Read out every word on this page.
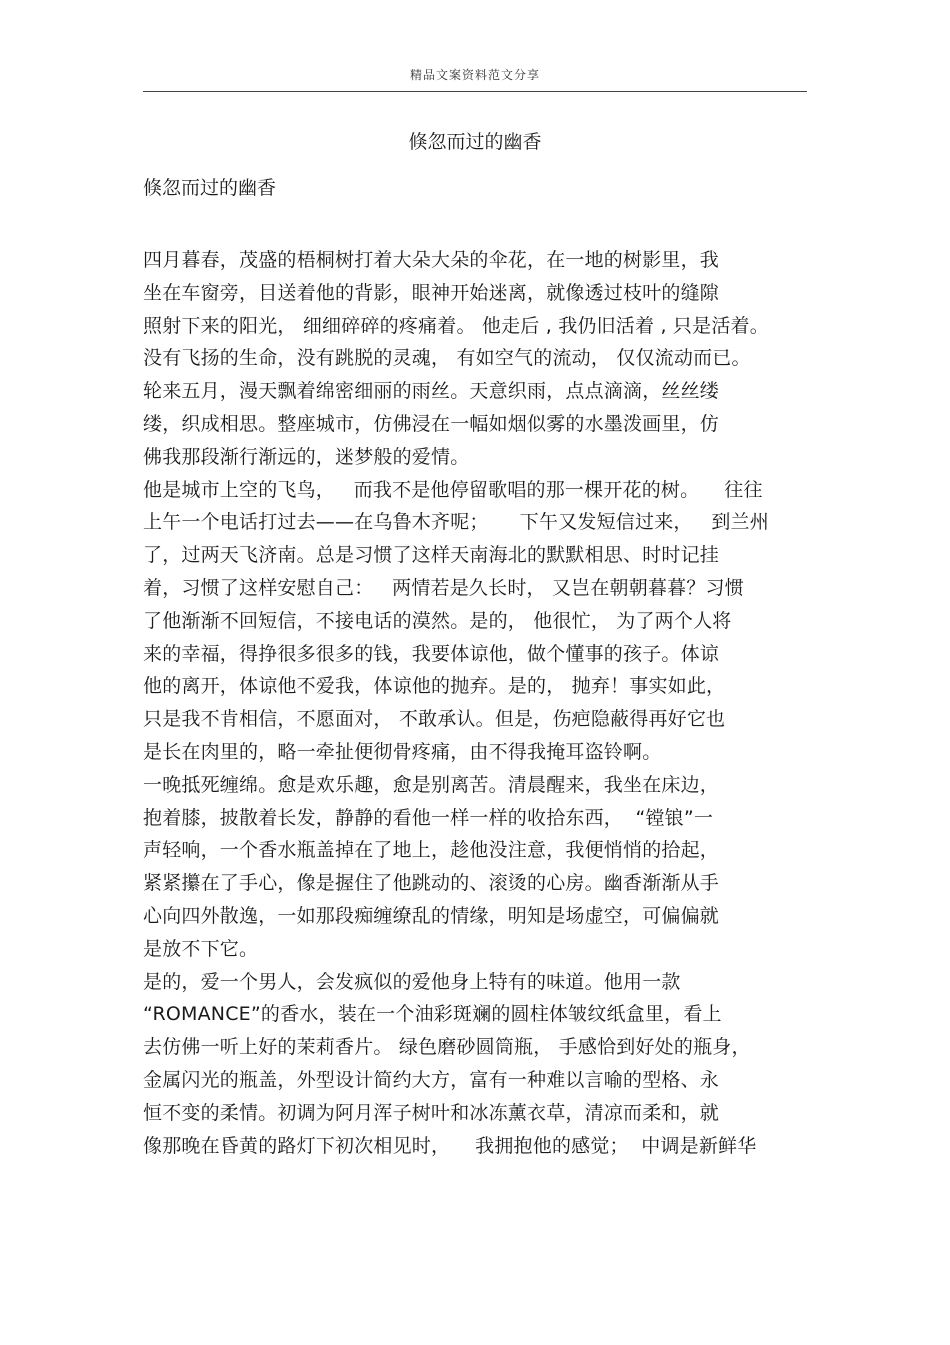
精品文案资料范文分享
倏忽而过的幽香
倏忽而过的幽香
四月暮春，茂盛的梧桐树打着大朵大朵的伞花，在一地的树影里，我
坐在车窗旁，目送着他的背影，眼神开始迷离，就像透过枝叶的缝隙
照射下来的阳光， 细细碎碎的疼痛着。 他走后 , 我仍旧活着 , 只是活着。
没有飞扬的生命，没有跳脱的灵魂， 有如空气的流动， 仅仅流动而已。
轮来五月，漫天飘着绵密细丽的雨丝。天意织雨，点点滴滴，丝丝缕
缕，织成相思。整座城市，仿佛浸在一幅如烟似雾的水墨泼画里，仿
佛我那段渐行渐远的，迷梦般的爱情。
他是城市上空的飞鸟，   而我不是他停留歌唱的那一棵开花的树。    往往
上午一个电话打过去——在乌鲁木齐呢；     下午又发短信过来，   到兰州
了，过两天飞济南。总是习惯了这样天南海北的默默相思、时时记挂
着，习惯了这样安慰自己：   两情若是久长时， 又岂在朝朝暮暮？习惯
了他渐渐不回短信，不接电话的漠然。是的， 他很忙， 为了两个人将
来的幸福，得挣很多很多的钱，我要体谅他，做个懂事的孩子。体谅
他的离开，体谅他不爱我，体谅他的抛弃。是的， 抛弃！事实如此，
只是我不肯相信，不愿面对， 不敢承认。但是，伤疤隐蔽得再好它也
是长在肉里的，略一牵扯便彻骨疼痛，由不得我掩耳盗铃啊。
一晚抵死缠绵。愈是欢乐趣，愈是别离苦。清晨醒来，我坐在床边，
抱着膝，披散着长发，静静的看他一样一样的收拾东西，  “镗锒”一
声轻响，一个香水瓶盖掉在了地上，趁他没注意，我便悄悄的拾起，
紧紧攥在了手心，像是握住了他跳动的、滚烫的心房。幽香渐渐从手
心向四外散逸，一如那段痴缠缭乱的情缘，明知是场虚空，可偏偏就
是放不下它。
是的，爱一个男人，会发疯似的爱他身上特有的味道。他用一款
“ROMANCE”的香水，装在一个油彩斑斓的圆柱体皱纹纸盒里，看上
去仿佛一听上好的茉莉香片。 绿色磨砂圆筒瓶， 手感恰到好处的瓶身，
金属闪光的瓶盖，外型设计简约大方，富有一种难以言喻的型格、永
恒不变的柔情。初调为阿月浑子树叶和冰冻薰衣草，清凉而柔和，就
像那晚在昏黄的路灯下初次相见时，    我拥抱他的感觉；  中调是新鲜华
